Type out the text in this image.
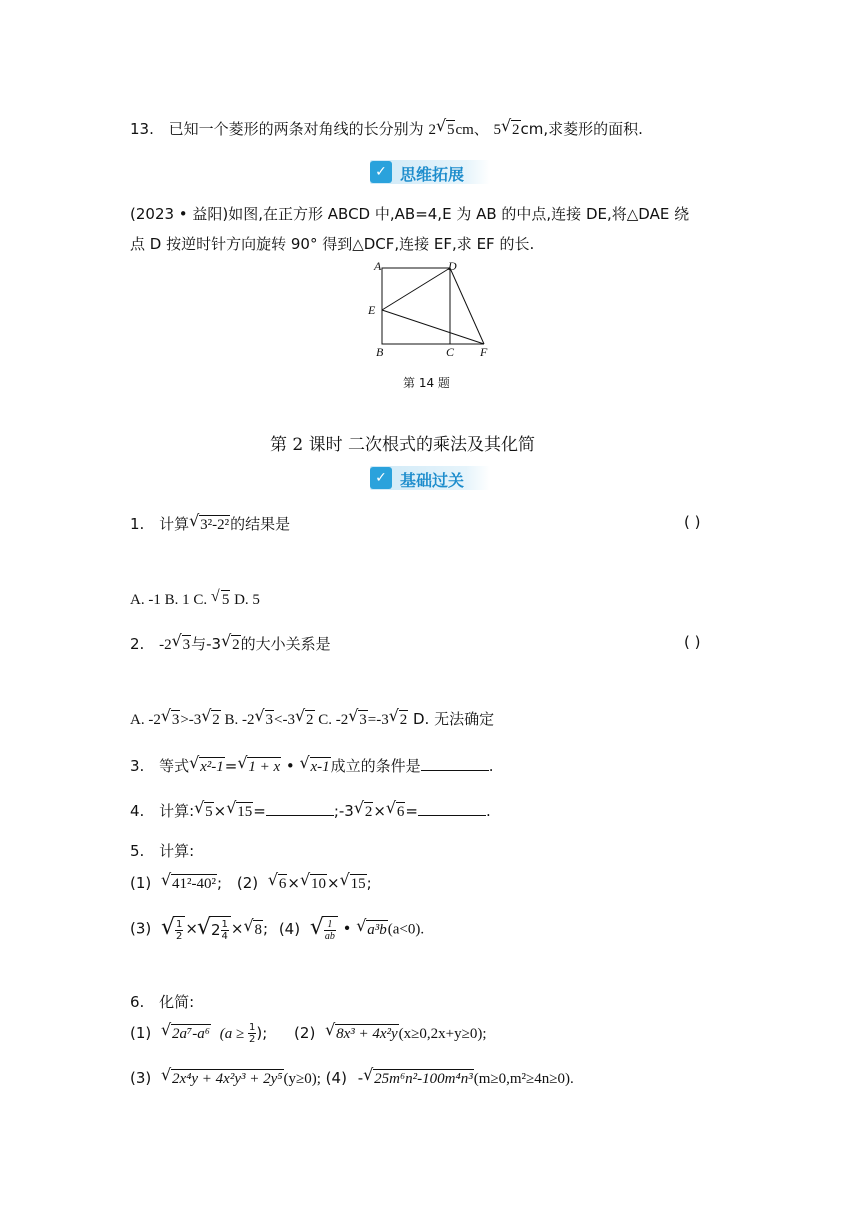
13. 已知一个菱形的两条对角线的长分别为 2 √ 5cm、 5 √ 2cm,求菱形的面积.
✓ 思维拓展
(2023 • 益阳)如图,在正方形 ABCD 中,AB=4,E 为 AB 的中点,连接 DE,将△DAE 绕
点 D 按逆时针方向旋转 90° 得到△DCF,连接 EF,求 EF 的长.
A	D
E
B	C F
第 14 题
第 2 课时 二次根式的乘法及其化简
✓ 基础过关
1. 计算 √ 3²-2²的结果是	( )
A. -1 B. 1 C. √ 5 D. 5
2. -2 √ 3与-3 √ 2的大小关系是	( )
A. -2 √ 3>-3 √ 2 B. -2 √ 3<-3 √ 2 C. -2 √ 3=-3 √ 2 D. 无法确定
3. 等式 √ x²-1= √ 1 + x • √ x-1成立的条件是	.
4. 计算: √ 5× √ 15=	;-3 √ 2× √ 6=	.
5. 计算:
(1) √ 41²-40²; (2) √ 6× √ 10× √ 15;
(3) √ $\frac{1}{2}$ × √ $2 \frac{1}{4}$ × √ 8; (4) √ $\frac{1}{ab}$ • √ a³b(a<0).
6. 化简:
(1) √ 2a⁷-a⁶ ($a \ge \frac{1}{2}$ ); (2) √ 8x³ + 4x²y(x≥0,2x+y≥0);
(3) √ 2x⁴y + 4x²y³ + 2y⁵(y≥0); (4) - √ 25m⁶n²-100m⁴n³(m≥0,m²≥4n≥0).
